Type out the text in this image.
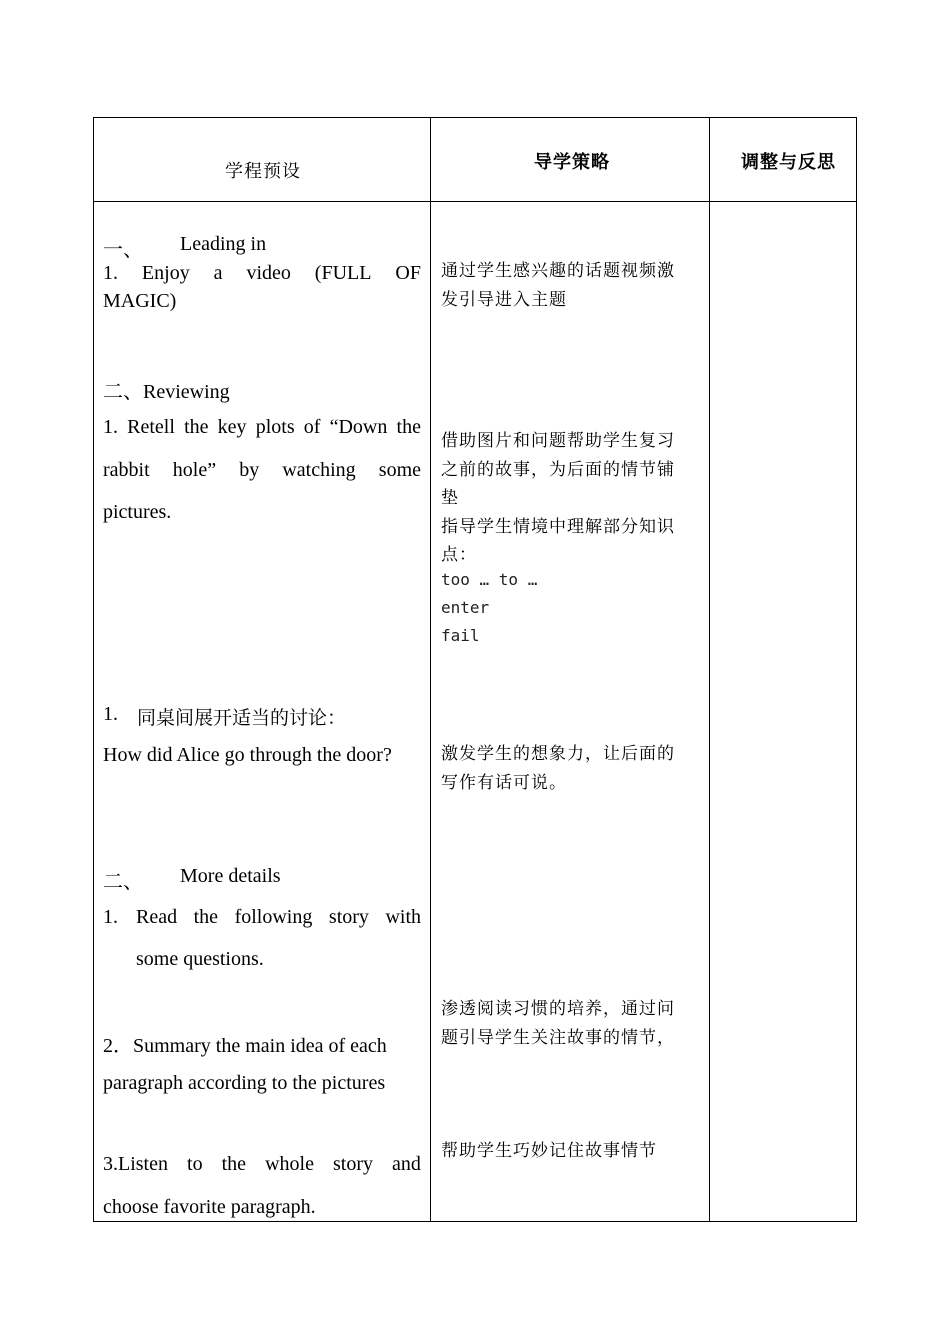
学程预设	导学策略	调整与反思
一、 Leading in
1. Enjoy a video (FULL OF
MAGIC)
二、Reviewing
1. Retell the key plots of “Down the
rabbit hole” by watching some
pictures.
1. 同桌间展开适当的讨论：
How did Alice go through the door?
二、 More details
1. Read the following story with
some questions.
2．Summary the main idea of each
paragraph according to the pictures
3.Listen to the whole story and
choose favorite paragraph.
通过学生感兴趣的话题视频激
发引导进入主题
借助图片和问题帮助学生复习
之前的故事，为后面的情节铺
垫
指导学生情境中理解部分知识
点：
too … to …
enter
fail
激发学生的想象力，让后面的
写作有话可说。
渗透阅读习惯的培养，通过问
题引导学生关注故事的情节，
帮助学生巧妙记住故事情节
